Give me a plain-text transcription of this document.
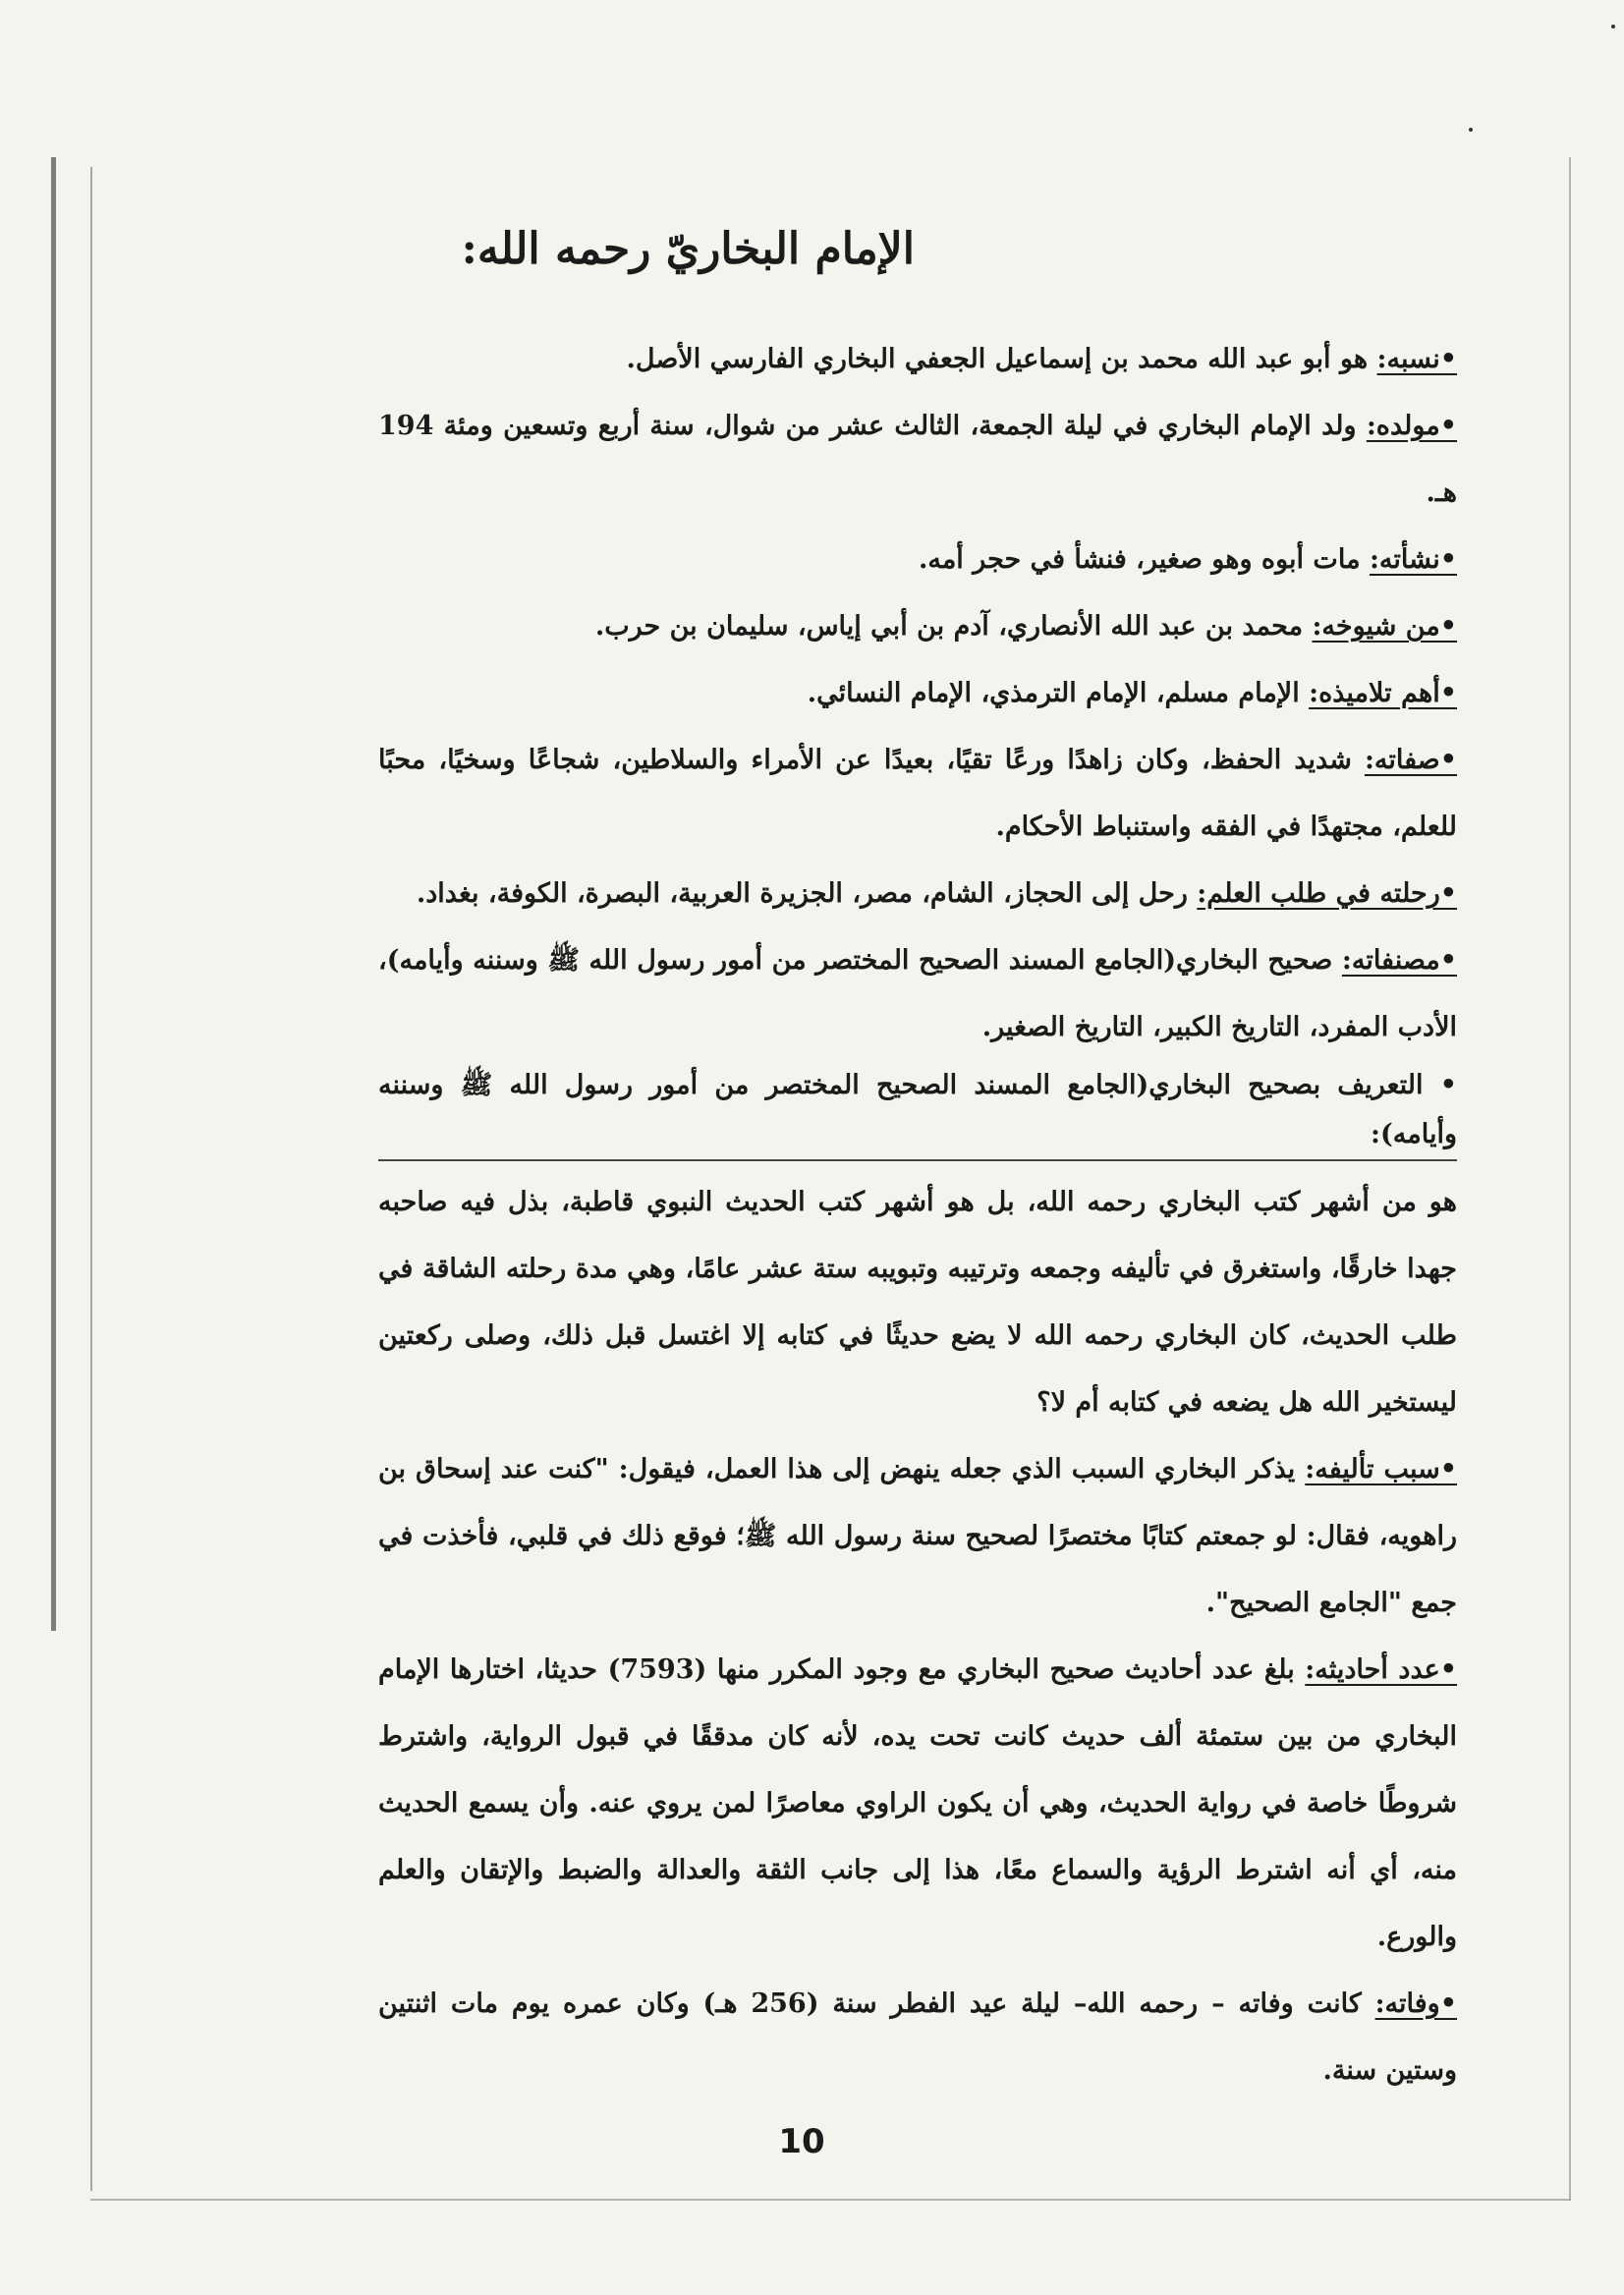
الإمام البخاريّ رحمه الله:

•نسبه: هو أبو عبد الله محمد بن إسماعيل الجعفي البخاري الفارسي الأصل.

•مولده: ولد الإمام البخاري في ليلة الجمعة، الثالث عشر من شوال، سنة أربع وتسعين ومئة 194 هـ.

•نشأته: مات أبوه وهو صغير، فنشأ في حجر أمه.

•من شيوخه: محمد بن عبد الله الأنصاري، آدم بن أبي إياس، سليمان بن حرب.

•أهم تلاميذه: الإمام مسلم، الإمام الترمذي، الإمام النسائي.

•صفاته: شديد الحفظ، وكان زاهدًا ورعًا تقيًا، بعيدًا عن الأمراء والسلاطين، شجاعًا وسخيًا، محبًا للعلم، مجتهدًا في الفقه واستنباط الأحكام.

•رحلته في طلب العلم: رحل إلى الحجاز، الشام، مصر، الجزيرة العربية، البصرة، الكوفة، بغداد.

•مصنفاته: صحيح البخاري(الجامع المسند الصحيح المختصر من أمور رسول الله ﷺ وسننه وأيامه)، الأدب المفرد، التاريخ الكبير، التاريخ الصغير.

• التعريف بصحيح البخاري(الجامع المسند الصحيح المختصر من أمور رسول الله ﷺ وسننه وأيامه):

هو من أشهر كتب البخاري رحمه الله، بل هو أشهر كتب الحديث النبوي قاطبة، بذل فيه صاحبه جهدا خارقًا، واستغرق في تأليفه وجمعه وترتيبه وتبويبه ستة عشر عامًا، وهي مدة رحلته الشاقة في طلب الحديث، كان البخاري رحمه الله لا يضع حديثًا في كتابه إلا اغتسل قبل ذلك، وصلى ركعتين ليستخير الله هل يضعه في كتابه أم لا؟

•سبب تأليفه: يذكر البخاري السبب الذي جعله ينهض إلى هذا العمل، فيقول: "كنت عند إسحاق بن راهويه، فقال: لو جمعتم كتابًا مختصرًا لصحيح سنة رسول الله ﷺ؛ فوقع ذلك في قلبي، فأخذت في جمع "الجامع الصحيح".

•عدد أحاديثه: بلغ عدد أحاديث صحيح البخاري مع وجود المكرر منها (7593) حديثا، اختارها الإمام البخاري من بين ستمئة ألف حديث كانت تحت يده، لأنه كان مدققًا في قبول الرواية، واشترط شروطًا خاصة في رواية الحديث، وهي أن يكون الراوي معاصرًا لمن يروي عنه. وأن يسمع الحديث منه، أي أنه اشترط الرؤية والسماع معًا، هذا إلى جانب الثقة والعدالة والضبط والإتقان والعلم والورع.

•وفاته: كانت وفاته – رحمه الله– ليلة عيد الفطر سنة (256 هـ) وكان عمره يوم مات اثنتين وستين سنة.

10
